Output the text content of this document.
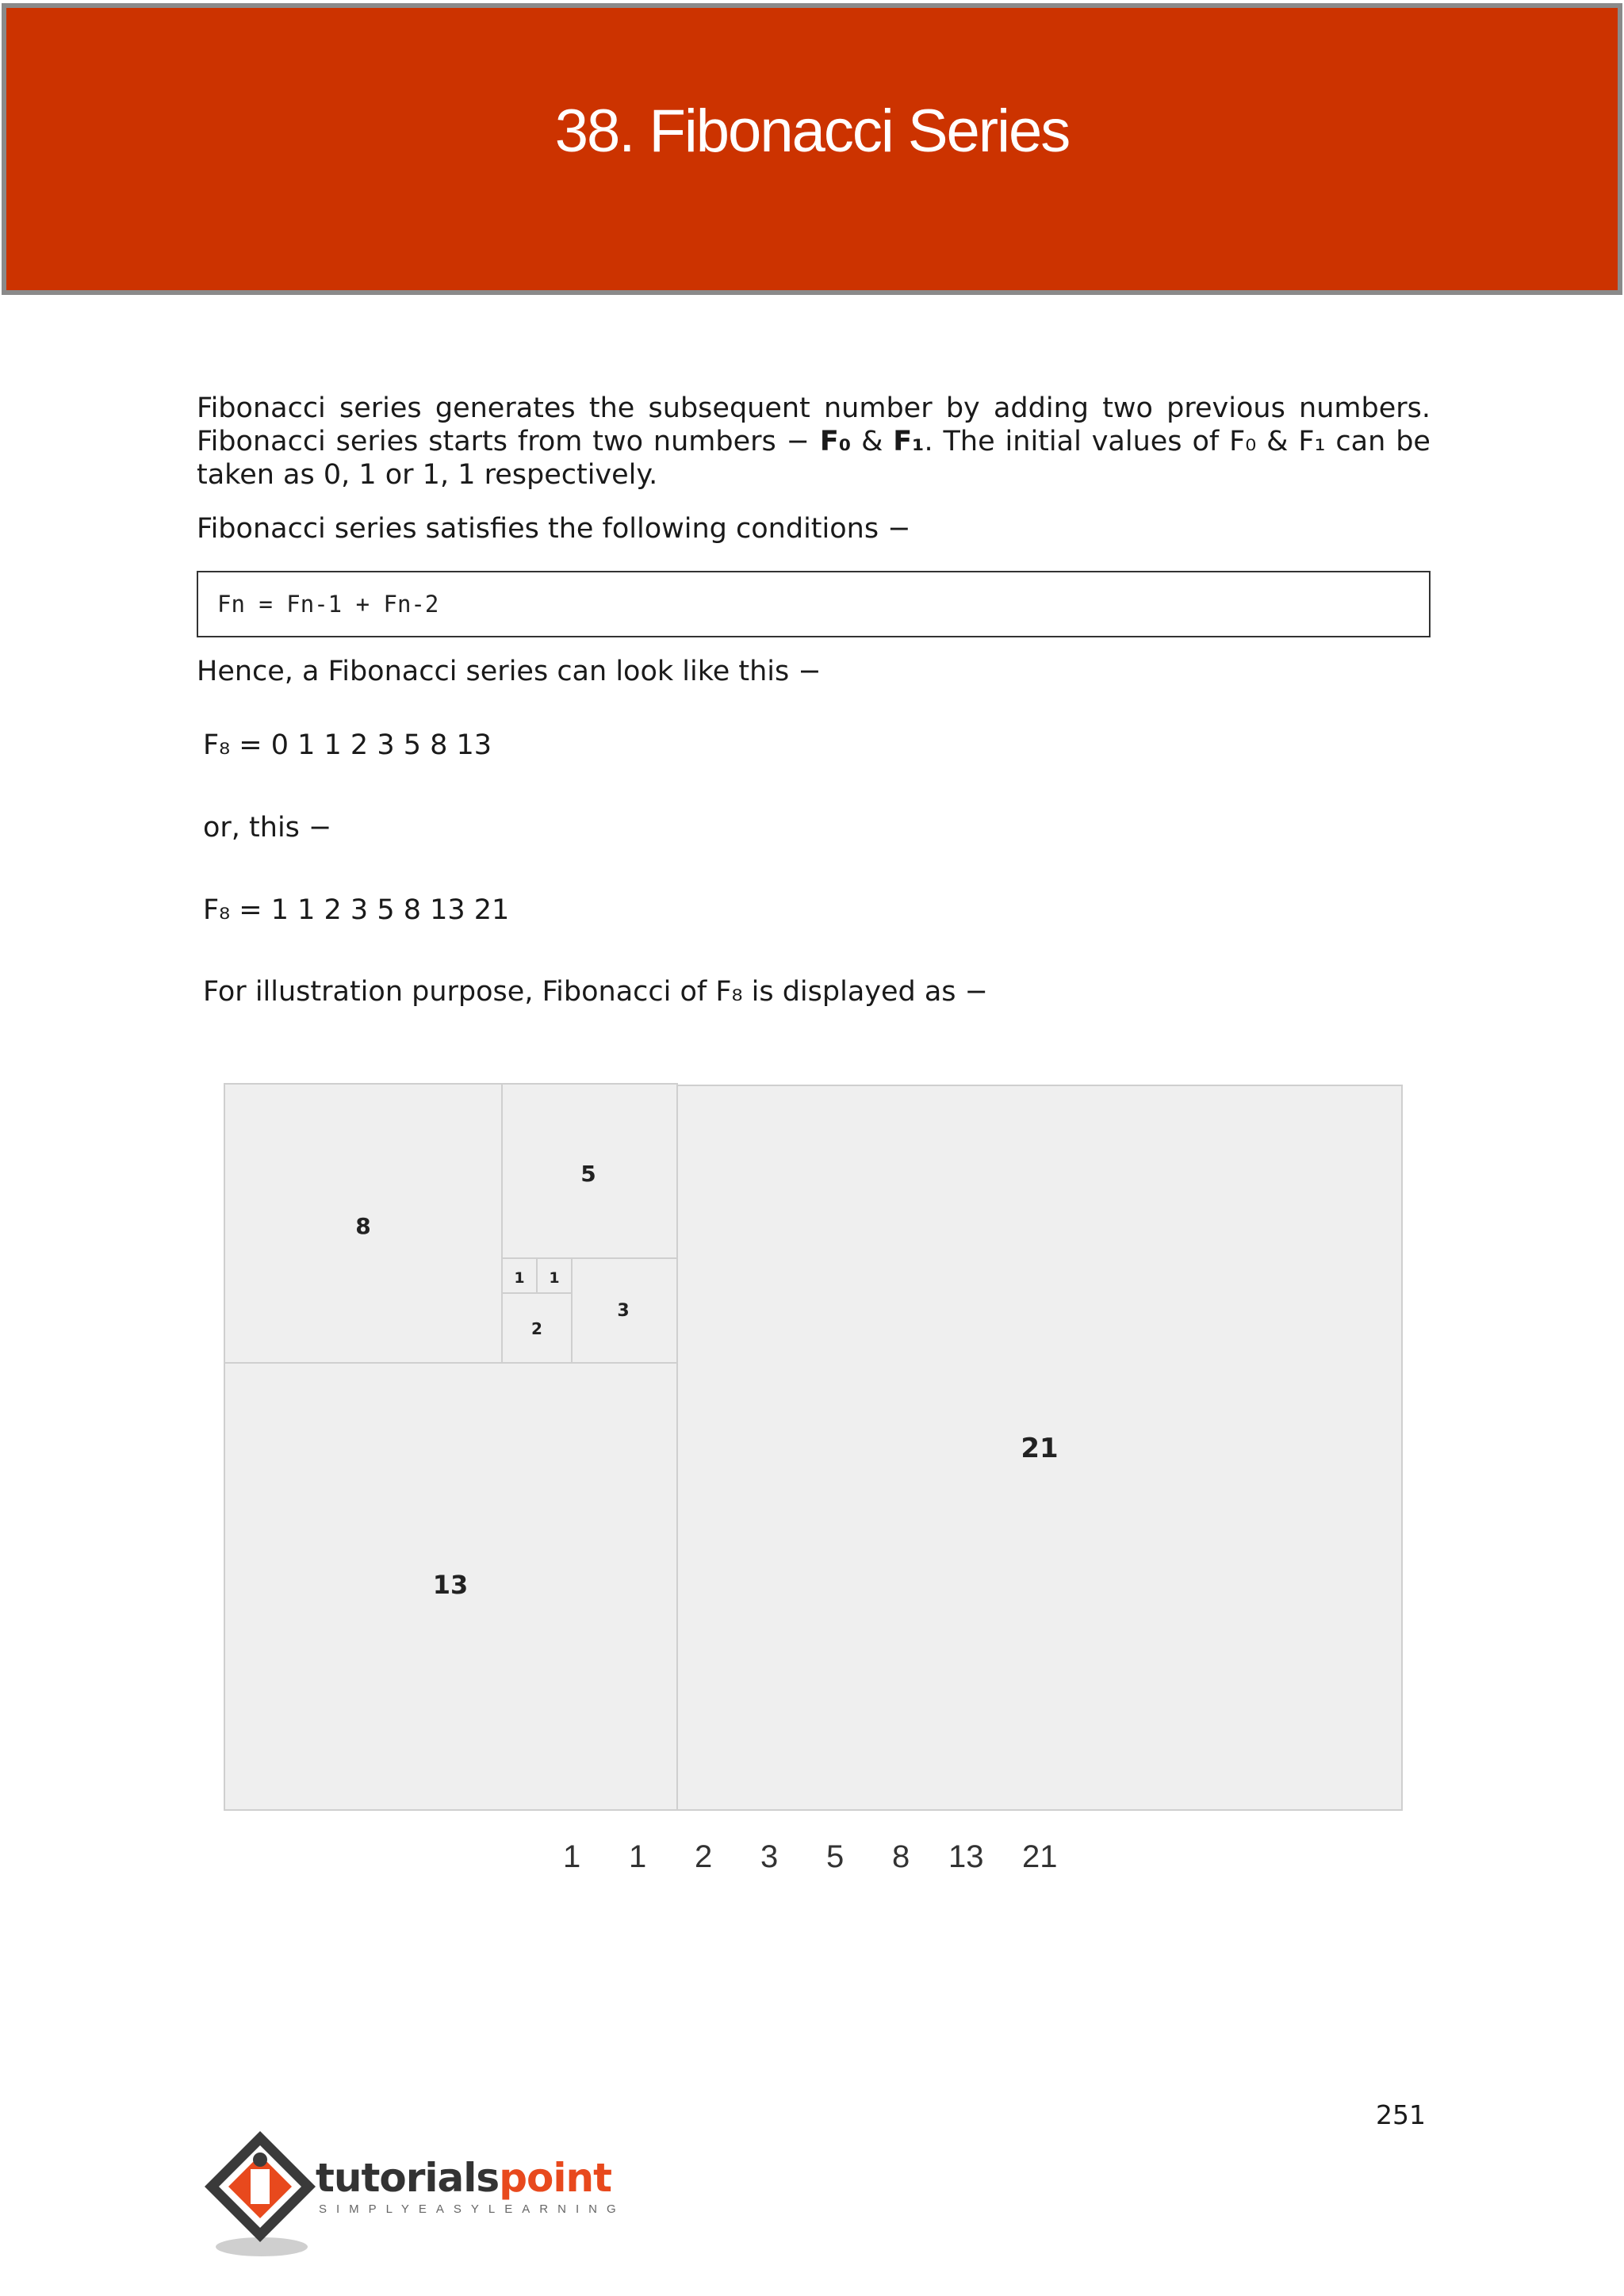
38. Fibonacci Series
Fibonacci series generates the subsequent number by adding two previous numbers.
Fibonacci series starts from two numbers − F₀ & F₁. The initial values of F₀ & F₁ can be
taken as 0, 1 or 1, 1 respectively.

Fibonacci series satisfies the following conditions −

Fn = Fn-1 + Fn-2

Hence, a Fibonacci series can look like this −

F₈ = 0 1 1 2 3 5 8 13

or, this −

F₈ = 1 1 2 3 5 8 13 21

For illustration purpose, Fibonacci of F₈ is displayed as −

8
5
1 1
2
3
13
21
1 1 2 3 5 8 13 21
251
tutorialspoint
SIMPLYEASYLEARNING
